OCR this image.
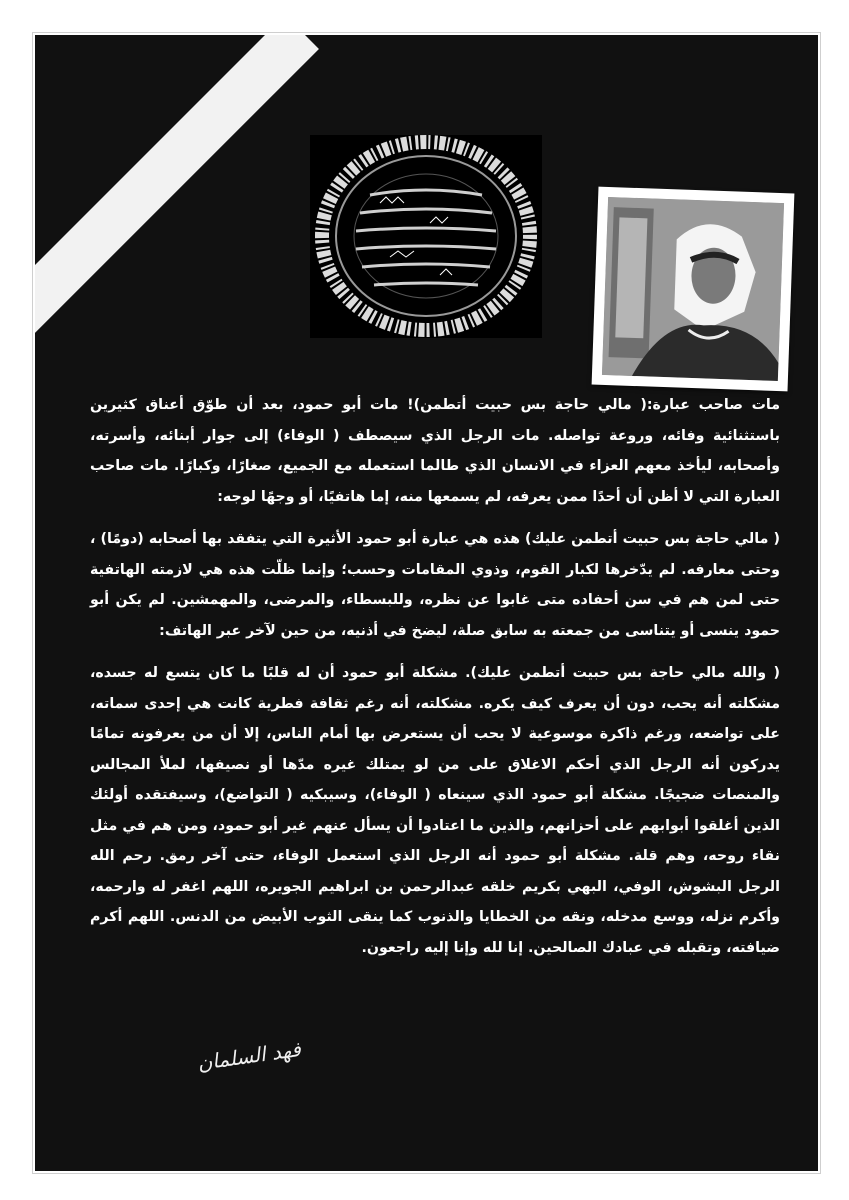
مات صاحب عبارة:( مالي حاجة بس حبيت أتطمن)! مات أبو حمود، بعد أن طوّق أعناق كثيرين باستثنائية وفائه، وروعة تواصله. مات الرجل الذي سيصطف ( الوفاء) إلى جوار أبنائه، وأسرته، وأصحابه، ليأخذ معهم العزاء في الانسان الذي طالما استعمله مع الجميع، صغارًا، وكبارًا. مات صاحب العبارة التي لا أظن أن أحدًا ممن يعرفه، لم يسمعها منه، إما هاتفيًا، أو وجهًا لوجه:

( مالي حاجة بس حبيت أتطمن عليك) هذه هي عبارة أبو حمود الأثيرة التي يتفقد بها أصحابه (دومًا) ، وحتى معارفه. لم يدّخرها لكبار القوم، وذوي المقامات وحسب؛ وإنما ظلّت هذه هي لازمته الهاتفية حتى لمن هم في سن أحفاده متى غابوا عن نظره، وللبسطاء، والمرضى، والمهمشين. لم يكن أبو حمود ينسى أو يتناسى من جمعته به سابق صلة، ليضخ في أذنيه، من حين لآخر عبر الهاتف:

( والله مالي حاجة بس حبيت أتطمن عليك). مشكلة أبو حمود أن له قلبًا ما كان يتسع له جسده، مشكلته أنه يحب، دون أن يعرف كيف يكره. مشكلته، أنه رغم ثقافة فطرية كانت هي إحدى سماته، على تواضعه، ورغم ذاكرة موسوعية لا يحب أن يستعرض بها أمام الناس، إلا أن من يعرفونه تمامًا يدركون أنه الرجل الذي أحكم الاغلاق على من لو يمتلك غيره مدّها أو نصيفها، لملأ المجالس والمنصات ضجيجًا. مشكلة أبو حمود الذي سينعاه ( الوفاء)، وسيبكيه ( التواضع)، وسيفتقده أولئك الذين أغلقوا أبوابهم على أحزانهم، والذين ما اعتادوا أن يسأل عنهم غير أبو حمود، ومن هم في مثل نقاء روحه، وهم قلة. مشكلة أبو حمود أنه الرجل الذي استعمل الوفاء، حتى آخر رمق. رحم الله الرجل البشوش، الوفي، البهي بكريم خلقه عبدالرحمن بن ابراهيم الجويره، اللهم اغفر له وارحمه، وأكرم نزله، ووسع مدخله، ونقه من الخطايا والذنوب كما ينقى الثوب الأبيض من الدنس. اللهم أكرم ضيافته، وتقبله في عبادك الصالحين. إنا لله وإنا إليه راجعون.

فهد السلمان
